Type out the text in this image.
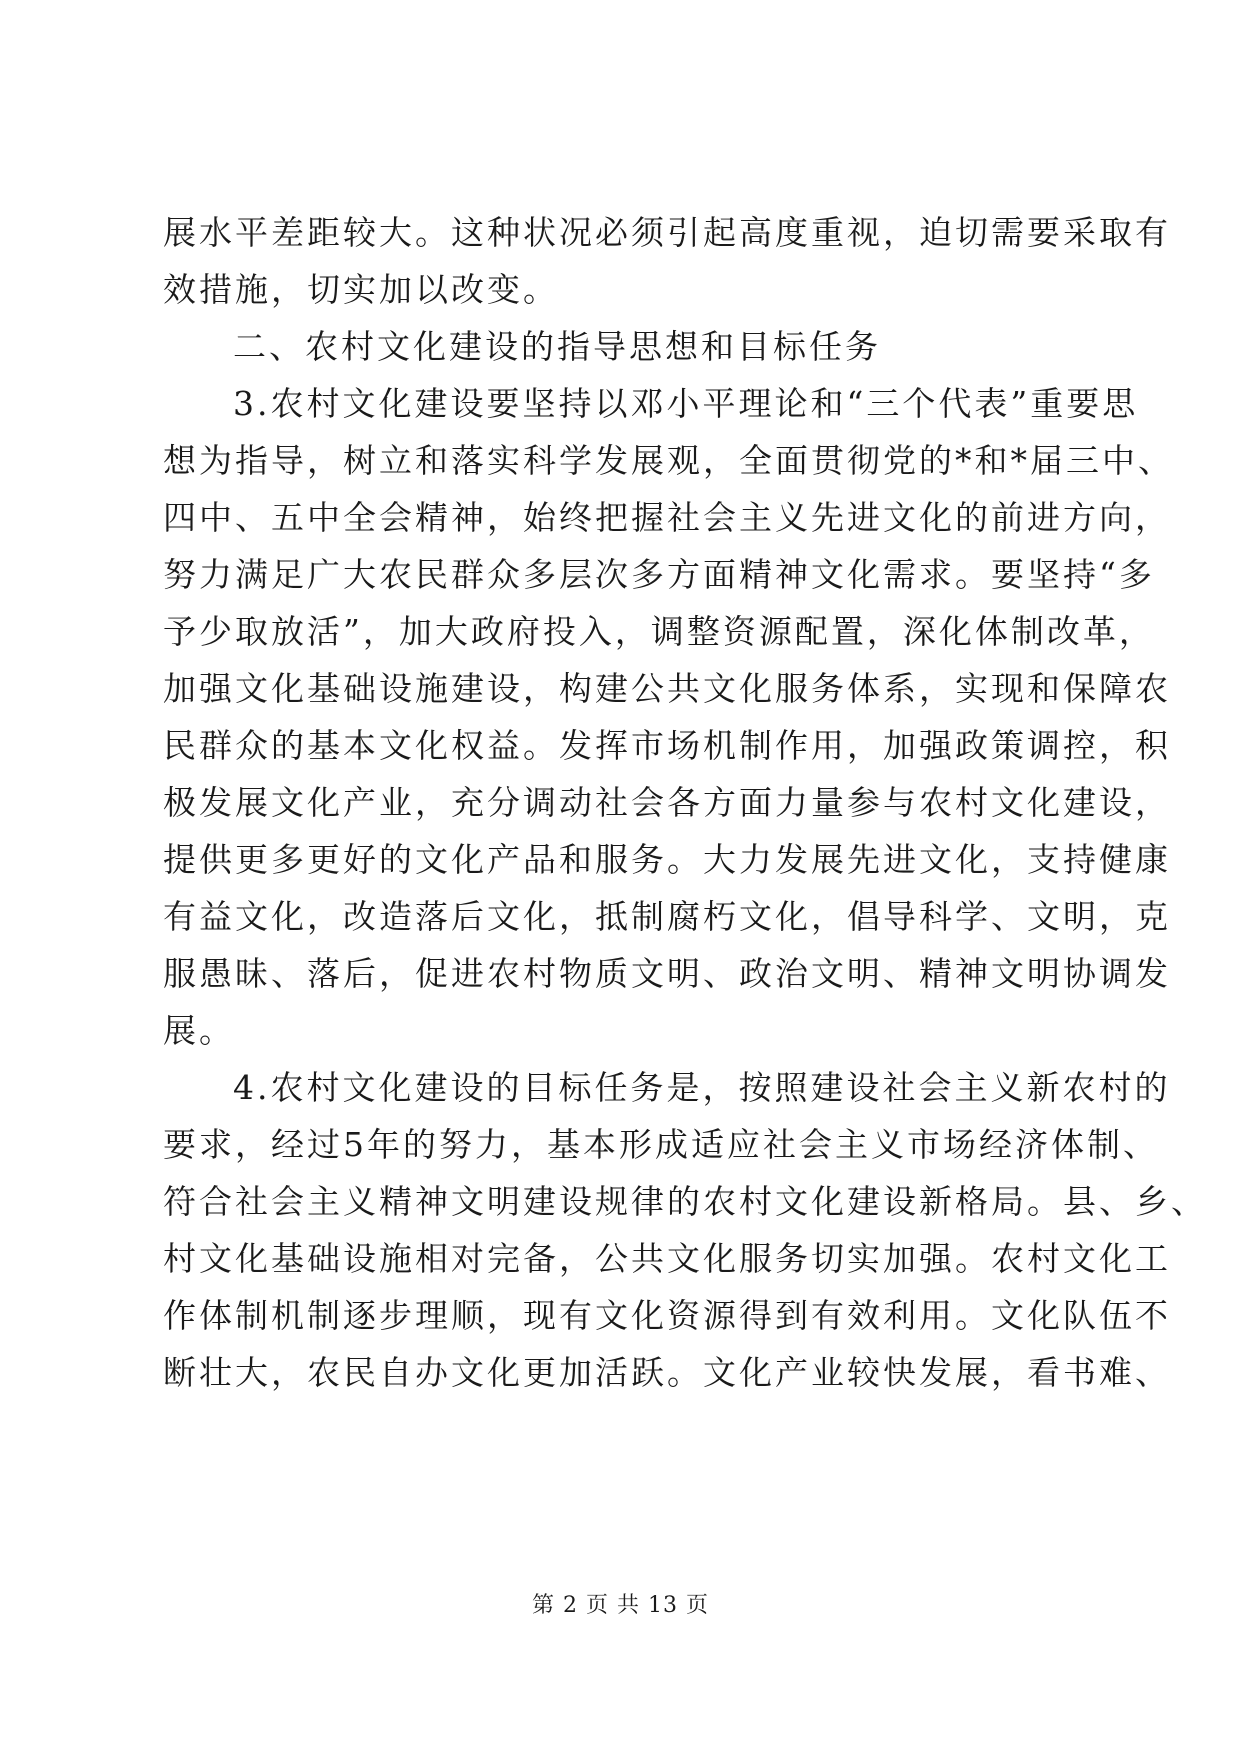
展水平差距较大。这种状况必须引起高度重视，迫切需要采取有
效措施，切实加以改变。
二、农村文化建设的指导思想和目标任务
3.农村文化建设要坚持以邓小平理论和“三个代表”重要思
想为指导，树立和落实科学发展观，全面贯彻党的*和*届三中、
四中、五中全会精神，始终把握社会主义先进文化的前进方向，
努力满足广大农民群众多层次多方面精神文化需求。要坚持“多
予少取放活”，加大政府投入，调整资源配置，深化体制改革，
加强文化基础设施建设，构建公共文化服务体系，实现和保障农
民群众的基本文化权益。发挥市场机制作用，加强政策调控，积
极发展文化产业，充分调动社会各方面力量参与农村文化建设，
提供更多更好的文化产品和服务。大力发展先进文化，支持健康
有益文化，改造落后文化，抵制腐朽文化，倡导科学、文明，克
服愚昧、落后，促进农村物质文明、政治文明、精神文明协调发
展。
4.农村文化建设的目标任务是，按照建设社会主义新农村的
要求，经过5年的努力，基本形成适应社会主义市场经济体制、
符合社会主义精神文明建设规律的农村文化建设新格局。县、乡、
村文化基础设施相对完备，公共文化服务切实加强。农村文化工
作体制机制逐步理顺，现有文化资源得到有效利用。文化队伍不
断壮大，农民自办文化更加活跃。文化产业较快发展，看书难、
第 2 页 共 13 页
